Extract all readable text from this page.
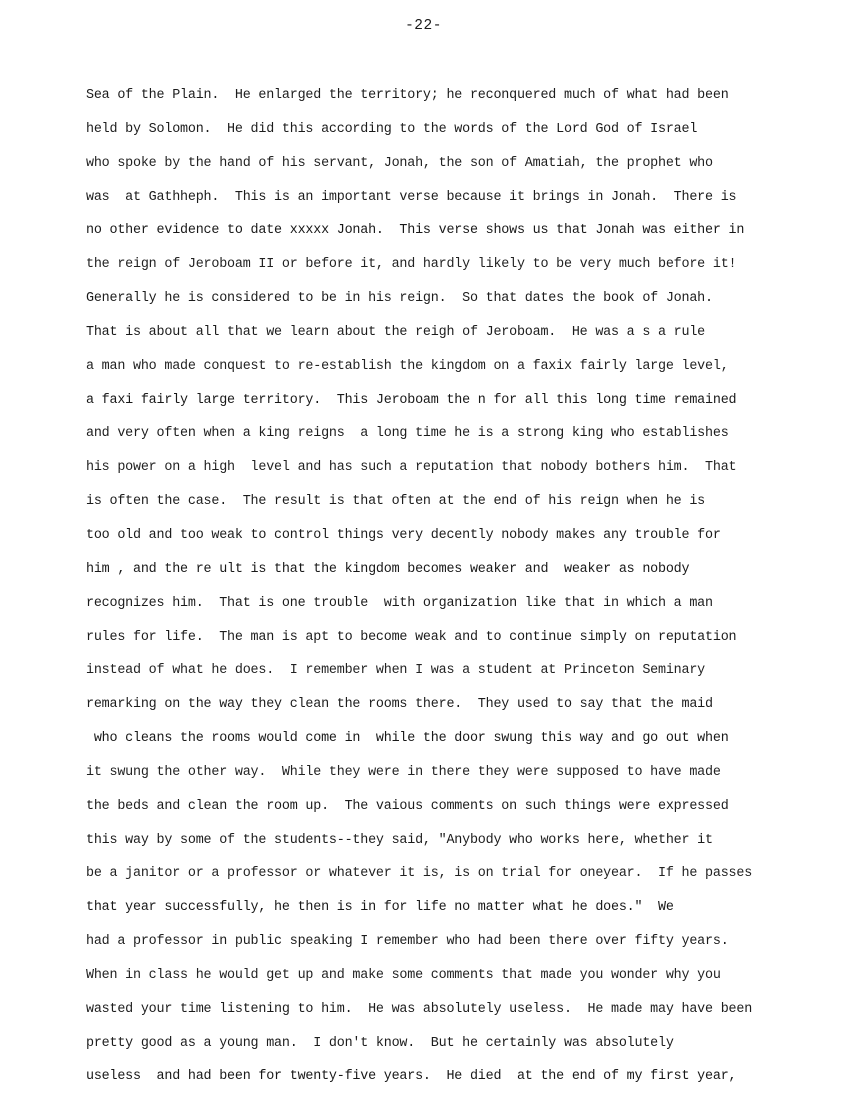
-22-
Sea of the Plain.  He enlarged the territory; he reconquered much of what had been
held by Solomon.  He did this according to the words of the Lord God of Israel
who spoke by the hand of his servant, Jonah, the son of Amatiah, the prophet who
was  at Gathheph.  This is an important verse because it brings in Jonah.  There is
no other evidence to date xxxxx Jonah.  This verse shows us that Jonah was either in
the reign of Jeroboam II or before it, and hardly likely to be very much before it!
Generally he is considered to be in his reign.  So that dates the book of Jonah.
That is about all that we learn about the reigh of Jeroboam.  He was a s a rule
a man who made conquest to re-establish the kingdom on a faxix fairly large level,
a faxi fairly large territory.  This Jeroboam the n for all this long time remained
and very often when a king reigns  a long time he is a strong king who establishes
his power on a high  level and has such a reputation that nobody bothers him.  That
is often the case.  The result is that often at the end of his reign when he is
too old and too weak to control things very decently nobody makes any trouble for
him , and the re ult is that the kingdom becomes weaker and  weaker as nobody
recognizes him.  That is one trouble  with organization like that in which a man
rules for life.  The man is apt to become weak and to continue simply on reputation
instead of what he does.  I remember when I was a student at Princeton Seminary
remarking on the way they clean the rooms there.  They used to say that the maid
who cleans the rooms would come in  while the door swung this way and go out when
it swung the other way.  While they were in there they were supposed to have made
the beds and clean the room up.  The vaious comments on such things were expressed
this way by some of the students--they said, "Anybody who works here, whether it
be a janitor or a professor or whatever it is, is on trial for oneyear.  If he passes
that year successfully, he then is in for life no matter what he does."  We
had a professor in public speaking I remember who had been there over fifty years.
When in class he would get up and make some comments that made you wonder why you
wasted your time listening to him.  He was absolutely useless.  He made may have been
pretty good as a young man.  I don't know.  But he certainly was absolutely
useless  and had been for twenty-five years.  He died  at the end of my first year,
